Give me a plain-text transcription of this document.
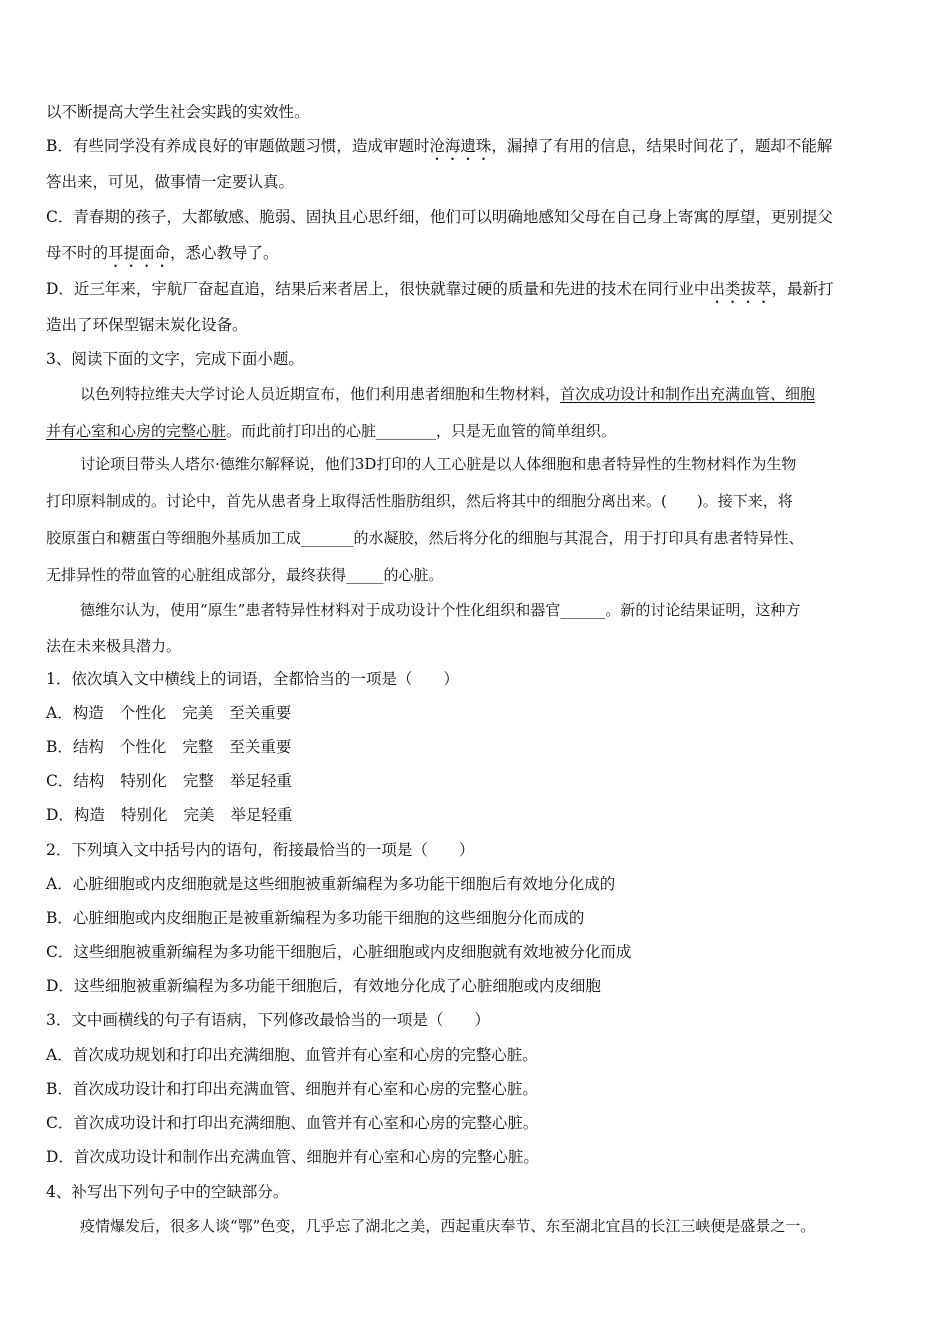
以不断提高大学生社会实践的实效性。
B．有些同学没有养成良好的审题做题习惯，造成审题时沧海遗珠，漏掉了有用的信息，结果时间花了，题却不能解
答出来，可见，做事情一定要认真。
C．青春期的孩子，大都敏感、脆弱、固执且心思纤细，他们可以明确地感知父母在自己身上寄寓的厚望，更别提父
母不时的耳提面命，悉心教导了。
D．近三年来，宇航厂奋起直追，结果后来者居上，很快就靠过硬的质量和先进的技术在同行业中出类拔萃，最新打
造出了环保型锯末炭化设备。
3、阅读下面的文字，完成下面小题。
以色列特拉维夫大学讨论人员近期宣布，他们利用患者细胞和生物材料，首次成功设计和制作出充满血管、细胞
并有心室和心房的完整心脏。而此前打印出的心脏________，只是无血管的简单组织。
讨论项目带头人塔尔·德维尔解释说，他们3D打印的人工心脏是以人体细胞和患者特异性的生物材料作为生物
打印原料制成的。讨论中，首先从患者身上取得活性脂肪组织，然后将其中的细胞分离出来。(　　)。接下来，将
胶原蛋白和糖蛋白等细胞外基质加工成_______的水凝胶，然后将分化的细胞与其混合，用于打印具有患者特异性、
无排异性的带血管的心脏组成部分，最终获得_____的心脏。
德维尔认为，使用“原生”患者特异性材料对于成功设计个性化组织和器官______。新的讨论结果证明，这种方
法在未来极具潜力。
1．依次填入文中横线上的词语，全都恰当的一项是（　　）
A．构造 个性化 完美 至关重要
B．结构 个性化 完整 至关重要
C．结构 特别化 完整 举足轻重
D．构造 特别化 完美 举足轻重
2．下列填入文中括号内的语句，衔接最恰当的一项是（　　）
A．心脏细胞或内皮细胞就是这些细胞被重新编程为多功能干细胞后有效地分化成的
B．心脏细胞或内皮细胞正是被重新编程为多功能干细胞的这些细胞分化而成的
C．这些细胞被重新编程为多功能干细胞后，心脏细胞或内皮细胞就有效地被分化而成
D．这些细胞被重新编程为多功能干细胞后，有效地分化成了心脏细胞或内皮细胞
3．文中画横线的句子有语病，下列修改最恰当的一项是（　　）
A．首次成功规划和打印出充满细胞、血管并有心室和心房的完整心脏。
B．首次成功设计和打印出充满血管、细胞并有心室和心房的完整心脏。
C．首次成功设计和打印出充满细胞、血管并有心室和心房的完整心脏。
D．首次成功设计和制作出充满血管、细胞并有心室和心房的完整心脏。
4、补写出下列句子中的空缺部分。
疫情爆发后，很多人谈“鄂”色变，几乎忘了湖北之美，西起重庆奉节、东至湖北宜昌的长江三峡便是盛景之一。
